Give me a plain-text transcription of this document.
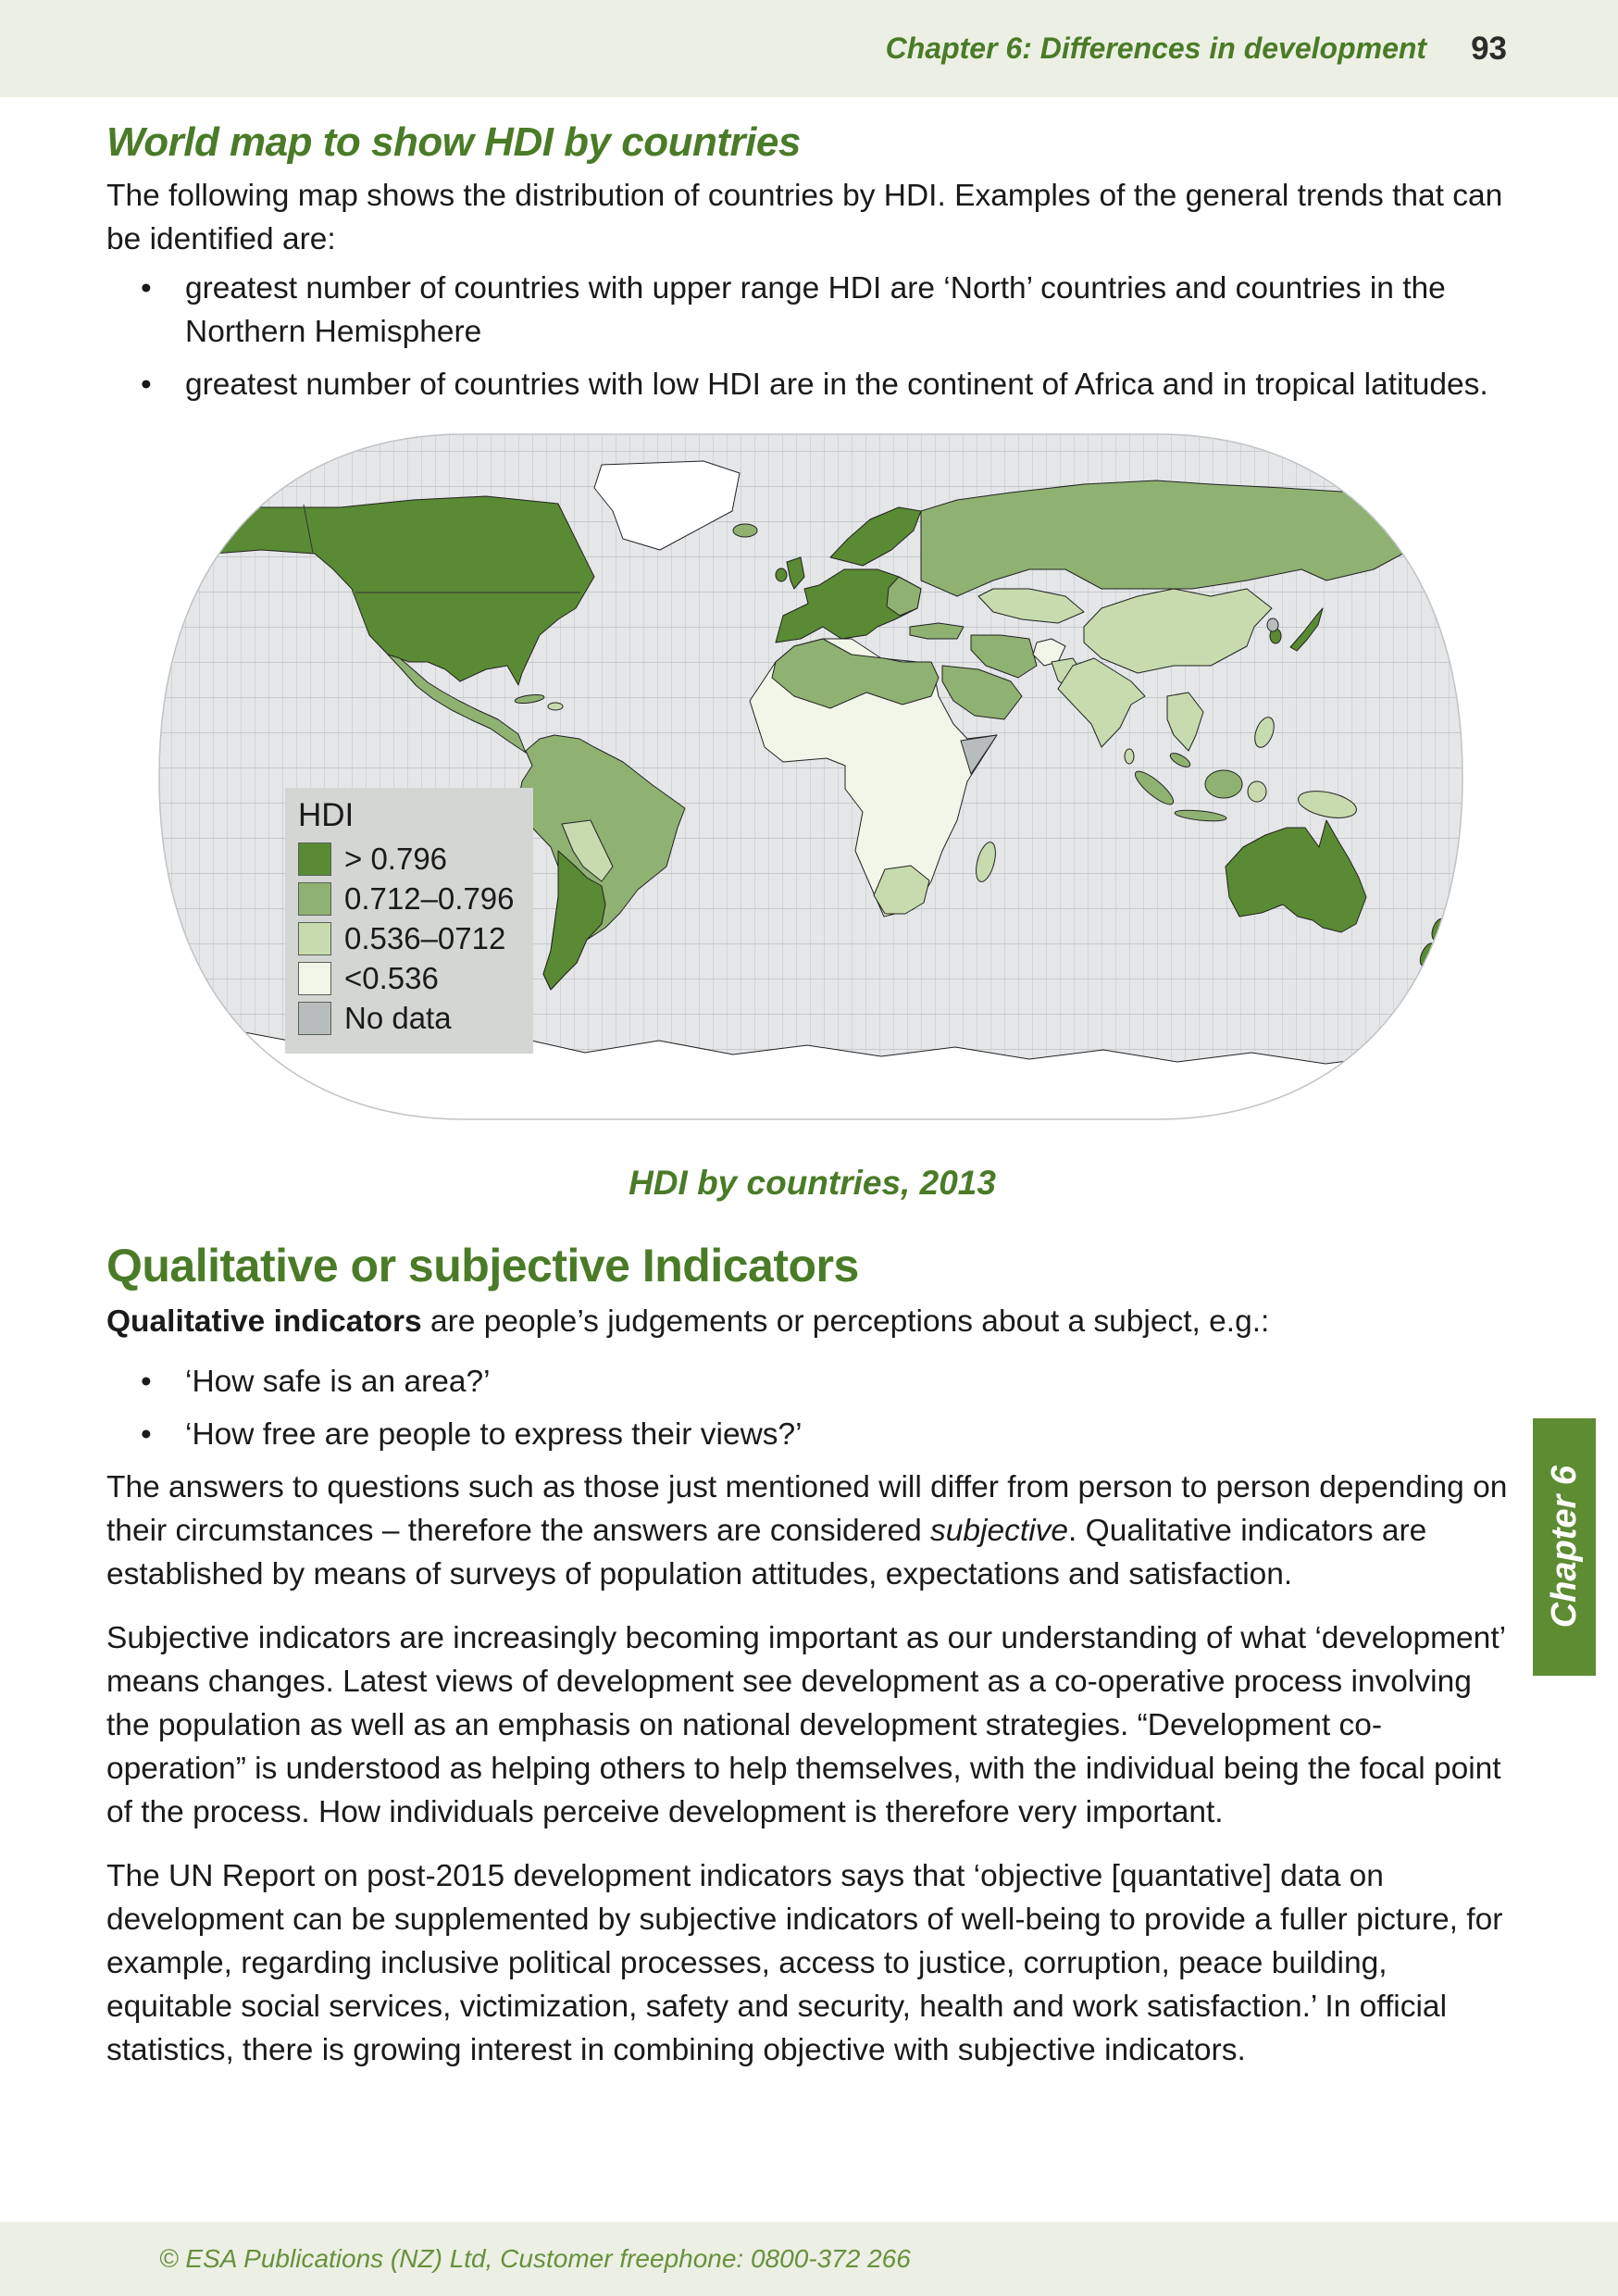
Chapter 6: Differences in development 93
World map to show HDI by countries

The following map shows the distribution of countries by HDI. Examples of the general trends that can be identified are:

• greatest number of countries with upper range HDI are ‘North’ countries and countries in the Northern Hemisphere
• greatest number of countries with low HDI are in the continent of Africa and in tropical latitudes.
HDI
> 0.796
0.712–0.796
0.536–0712
<0.536
No data
HDI by countries, 2013
Qualitative or subjective Indicators

Qualitative indicators are people’s judgements or perceptions about a subject, e.g.:

• ‘How safe is an area?’
• ‘How free are people to express their views?’

The answers to questions such as those just mentioned will differ from person to person depending on their circumstances – therefore the answers are considered subjective. Qualitative indicators are established by means of surveys of population attitudes, expectations and satisfaction.

Subjective indicators are increasingly becoming important as our understanding of what ‘development’ means changes. Latest views of development see development as a co-operative process involving the population as well as an emphasis on national development strategies. “Development co-operation” is understood as helping others to help themselves, with the individual being the focal point of the process. How individuals perceive development is therefore very important.

The UN Report on post-2015 development indicators says that ‘objective [quantative] data on development can be supplemented by subjective indicators of well-being to provide a fuller picture, for example, regarding inclusive political processes, access to justice, corruption, peace building, equitable social services, victimization, safety and security, health and work satisfaction.’ In official statistics, there is growing interest in combining objective with subjective indicators.

Chapter 6
© ESA Publications (NZ) Ltd, Customer freephone: 0800-372 266
